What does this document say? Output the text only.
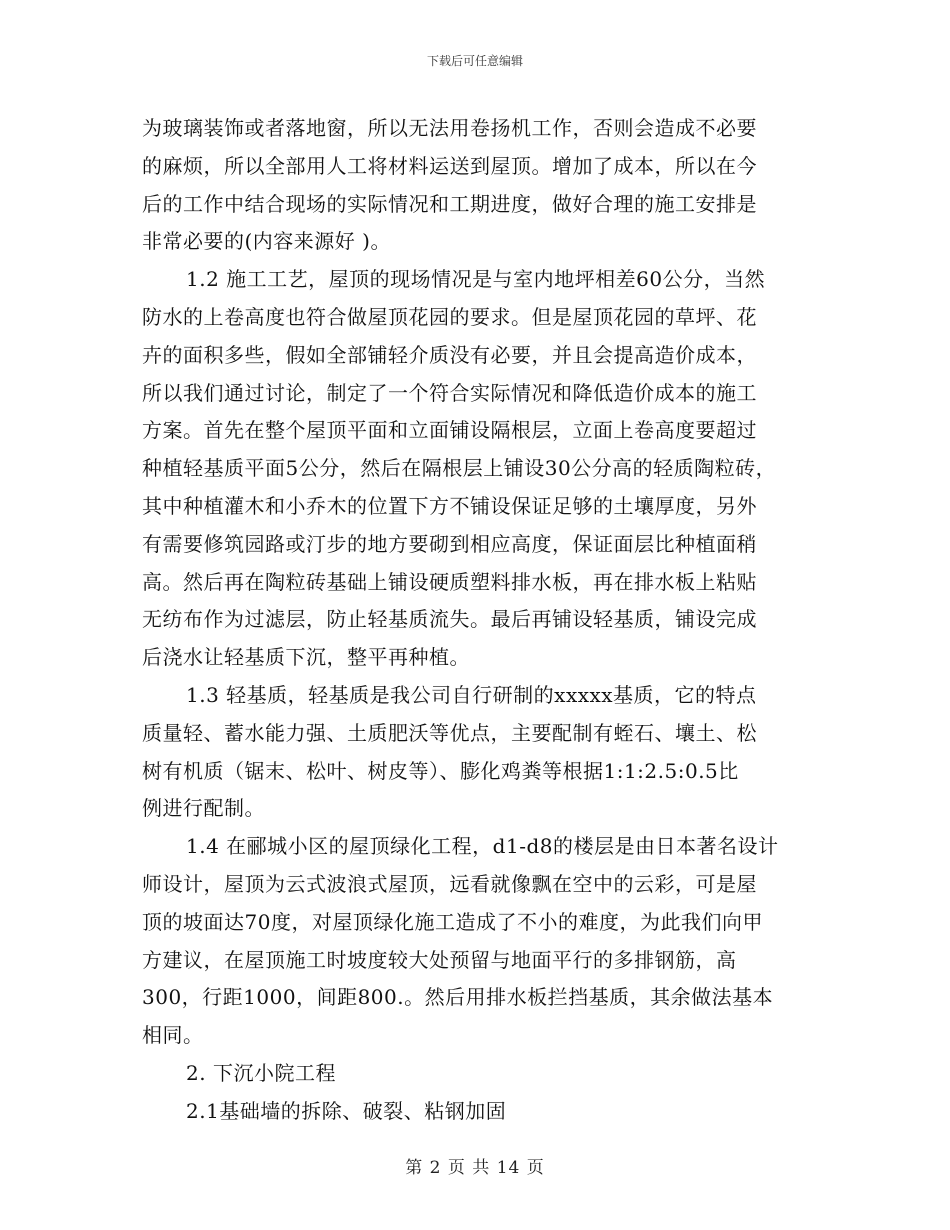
下载后可任意编辑
为玻璃装饰或者落地窗，所以无法用卷扬机工作，否则会造成不必要
的麻烦，所以全部用人工将材料运送到屋顶。增加了成本，所以在今
后的工作中结合现场的实际情况和工期进度，做好合理的施工安排是
非常必要的(内容来源好 )。
1.2 施工工艺，屋顶的现场情况是与室内地坪相差60公分，当然
防水的上卷高度也符合做屋顶花园的要求。但是屋顶花园的草坪、花
卉的面积多些，假如全部铺轻介质没有必要，并且会提高造价成本，
所以我们通过讨论，制定了一个符合实际情况和降低造价成本的施工
方案。首先在整个屋顶平面和立面铺设隔根层，立面上卷高度要超过
种植轻基质平面5公分，然后在隔根层上铺设30公分高的轻质陶粒砖，
其中种植灌木和小乔木的位置下方不铺设保证足够的土壤厚度，另外
有需要修筑园路或汀步的地方要砌到相应高度，保证面层比种植面稍
高。然后再在陶粒砖基础上铺设硬质塑料排水板，再在排水板上粘贴
无纺布作为过滤层，防止轻基质流失。最后再铺设轻基质，铺设完成
后浇水让轻基质下沉，整平再种植。
1.3 轻基质，轻基质是我公司自行研制的xxxxx基质，它的特点
质量轻、蓄水能力强、土质肥沃等优点，主要配制有蛭石、壤土、松
树有机质（锯末、松叶、树皮等）、膨化鸡粪等根据1:1:2.5:0.5比
例进行配制。
1.4 在郦城小区的屋顶绿化工程，d1-d8的楼层是由日本著名设计
师设计，屋顶为云式波浪式屋顶，远看就像飘在空中的云彩，可是屋
顶的坡面达70度，对屋顶绿化施工造成了不小的难度，为此我们向甲
方建议，在屋顶施工时坡度较大处预留与地面平行的多排钢筋，高
300，行距1000，间距800.。然后用排水板拦挡基质，其余做法基本
相同。
2. 下沉小院工程
2.1基础墙的拆除、破裂、粘钢加固
第 2 页 共 14 页
